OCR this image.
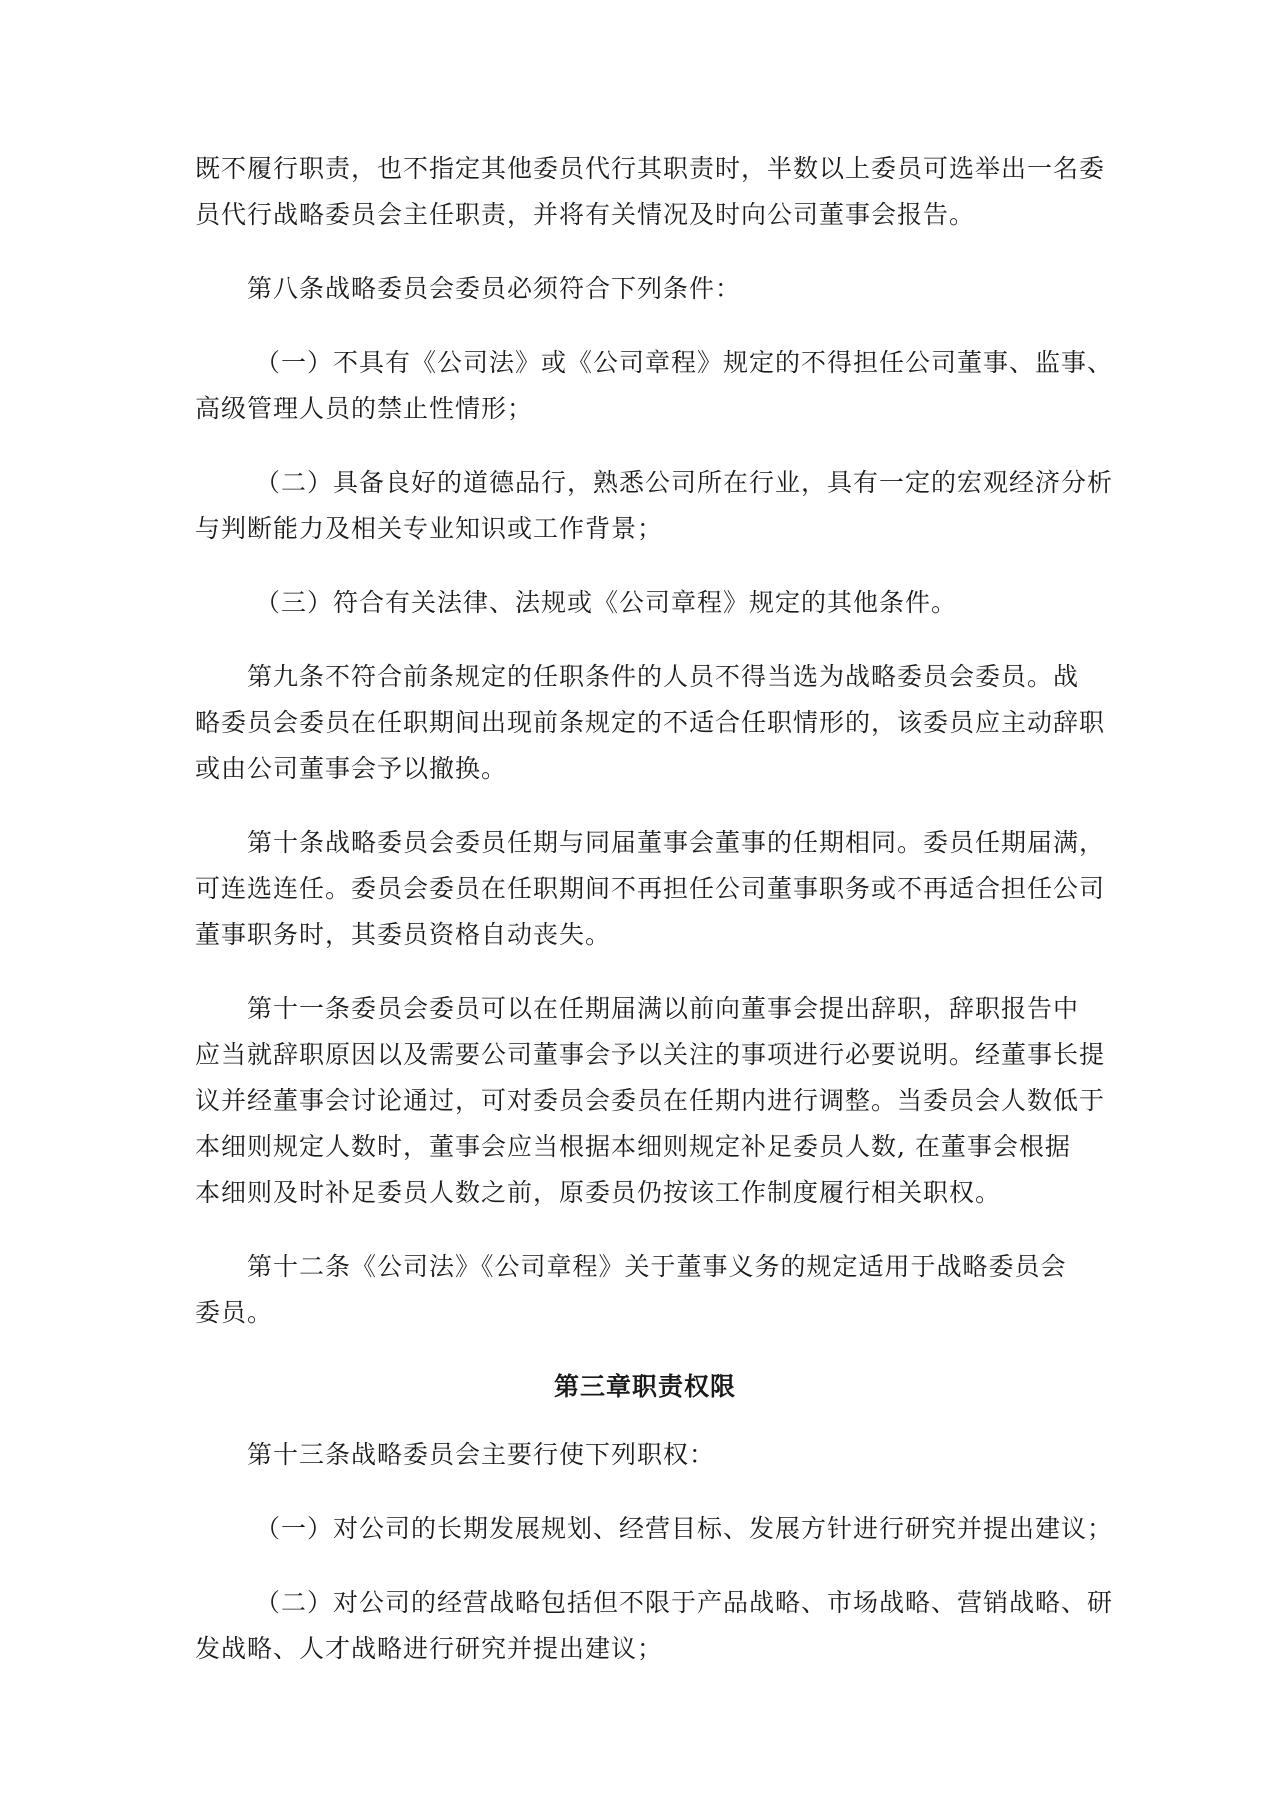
既不履行职责，也不指定其他委员代行其职责时，半数以上委员可选举出一名委
员代行战略委员会主任职责，并将有关情况及时向公司董事会报告。
第八条战略委员会委员必须符合下列条件：
（一）不具有《公司法》或《公司章程》规定的不得担任公司董事、监事、
高级管理人员的禁止性情形；
（二）具备良好的道德品行，熟悉公司所在行业，具有一定的宏观经济分析
与判断能力及相关专业知识或工作背景；
（三）符合有关法律、法规或《公司章程》规定的其他条件。
第九条不符合前条规定的任职条件的人员不得当选为战略委员会委员。战
略委员会委员在任职期间出现前条规定的不适合任职情形的，该委员应主动辞职
或由公司董事会予以撤换。
第十条战略委员会委员任期与同届董事会董事的任期相同。委员任期届满，
可连选连任。委员会委员在任职期间不再担任公司董事职务或不再适合担任公司
董事职务时，其委员资格自动丧失。
第十一条委员会委员可以在任期届满以前向董事会提出辞职，辞职报告中
应当就辞职原因以及需要公司董事会予以关注的事项进行必要说明。经董事长提
议并经董事会讨论通过，可对委员会委员在任期内进行调整。当委员会人数低于
本细则规定人数时，董事会应当根据本细则规定补足委员人数, 在董事会根据
本细则及时补足委员人数之前，原委员仍按该工作制度履行相关职权。
第十二条《公司法》《公司章程》关于董事义务的规定适用于战略委员会
委员。
第三章职责权限
第十三条战略委员会主要行使下列职权：
（一）对公司的长期发展规划、经营目标、发展方针进行研究并提出建议；
（二）对公司的经营战略包括但不限于产品战略、市场战略、营销战略、研
发战略、人才战略进行研究并提出建议；
